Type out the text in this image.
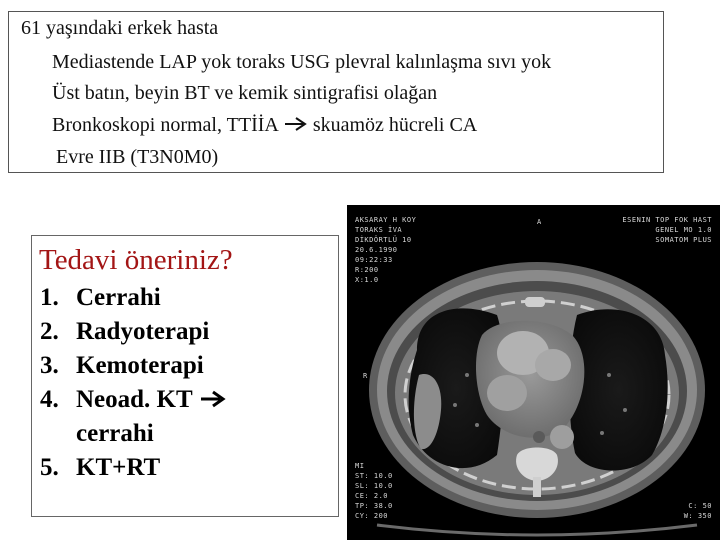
61 yaşındaki erkek hasta
Mediastende LAP yok toraks USG plevral kalınlaşma sıvı yok
Üst batın, beyin BT ve kemik sintigrafisi olağan
Bronkoskopi normal, TTİİA skuamöz hücreli CA
Evre IIB (T3N0M0)
Tedavi öneriniz?
1. Cerrahi
2. Radyoterapi
3. Kemoterapi
4. Neoad. KT
cerrahi
5. KT+RT
AKSARAY H KOY
TORAKS İVA
DİKDÖRTLÜ 10
20.6.1990
09:22:33
R:200
X:1.0
A	ESENIN TOP FOK HAST
GENEL MO 1.0
SOMATOM PLUS
R
MI
ST: 10.0
SL: 10.0
CE: 2.0
TP: 38.0
CY: 200
C: 50
W: 350
